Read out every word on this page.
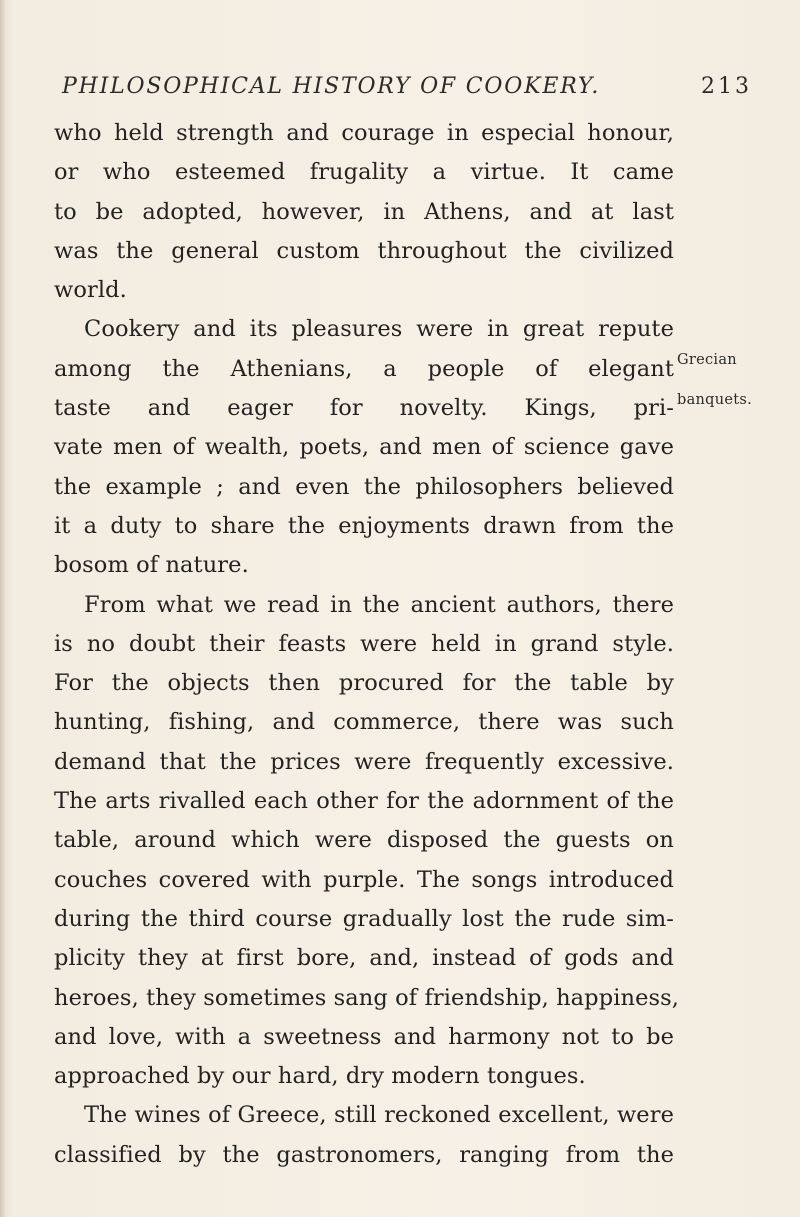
PHILOSOPHICAL HISTORY OF COOKERY.	213
who held strength and courage in especial honour,
or who esteemed frugality a virtue. It came
to be adopted, however, in Athens, and at last
was the general custom throughout the civilized
world.
Cookery and its pleasures were in great repute
among the Athenians, a people of elegant
taste and eager for novelty. Kings, pri-
vate men of wealth, poets, and men of science gave
the example ; and even the philosophers believed
it a duty to share the enjoyments drawn from the
bosom of nature.
From what we read in the ancient authors, there
is no doubt their feasts were held in grand style.
For the objects then procured for the table by
hunting, fishing, and commerce, there was such
demand that the prices were frequently excessive.
The arts rivalled each other for the adornment of the
table, around which were disposed the guests on
couches covered with purple. The songs introduced
during the third course gradually lost the rude sim-
plicity they at first bore, and, instead of gods and
heroes, they sometimes sang of friendship, happiness,
and love, with a sweetness and harmony not to be
approached by our hard, dry modern tongues.
The wines of Greece, still reckoned excellent, were
classified by the gastronomers, ranging from the
Grecian
banquets.
